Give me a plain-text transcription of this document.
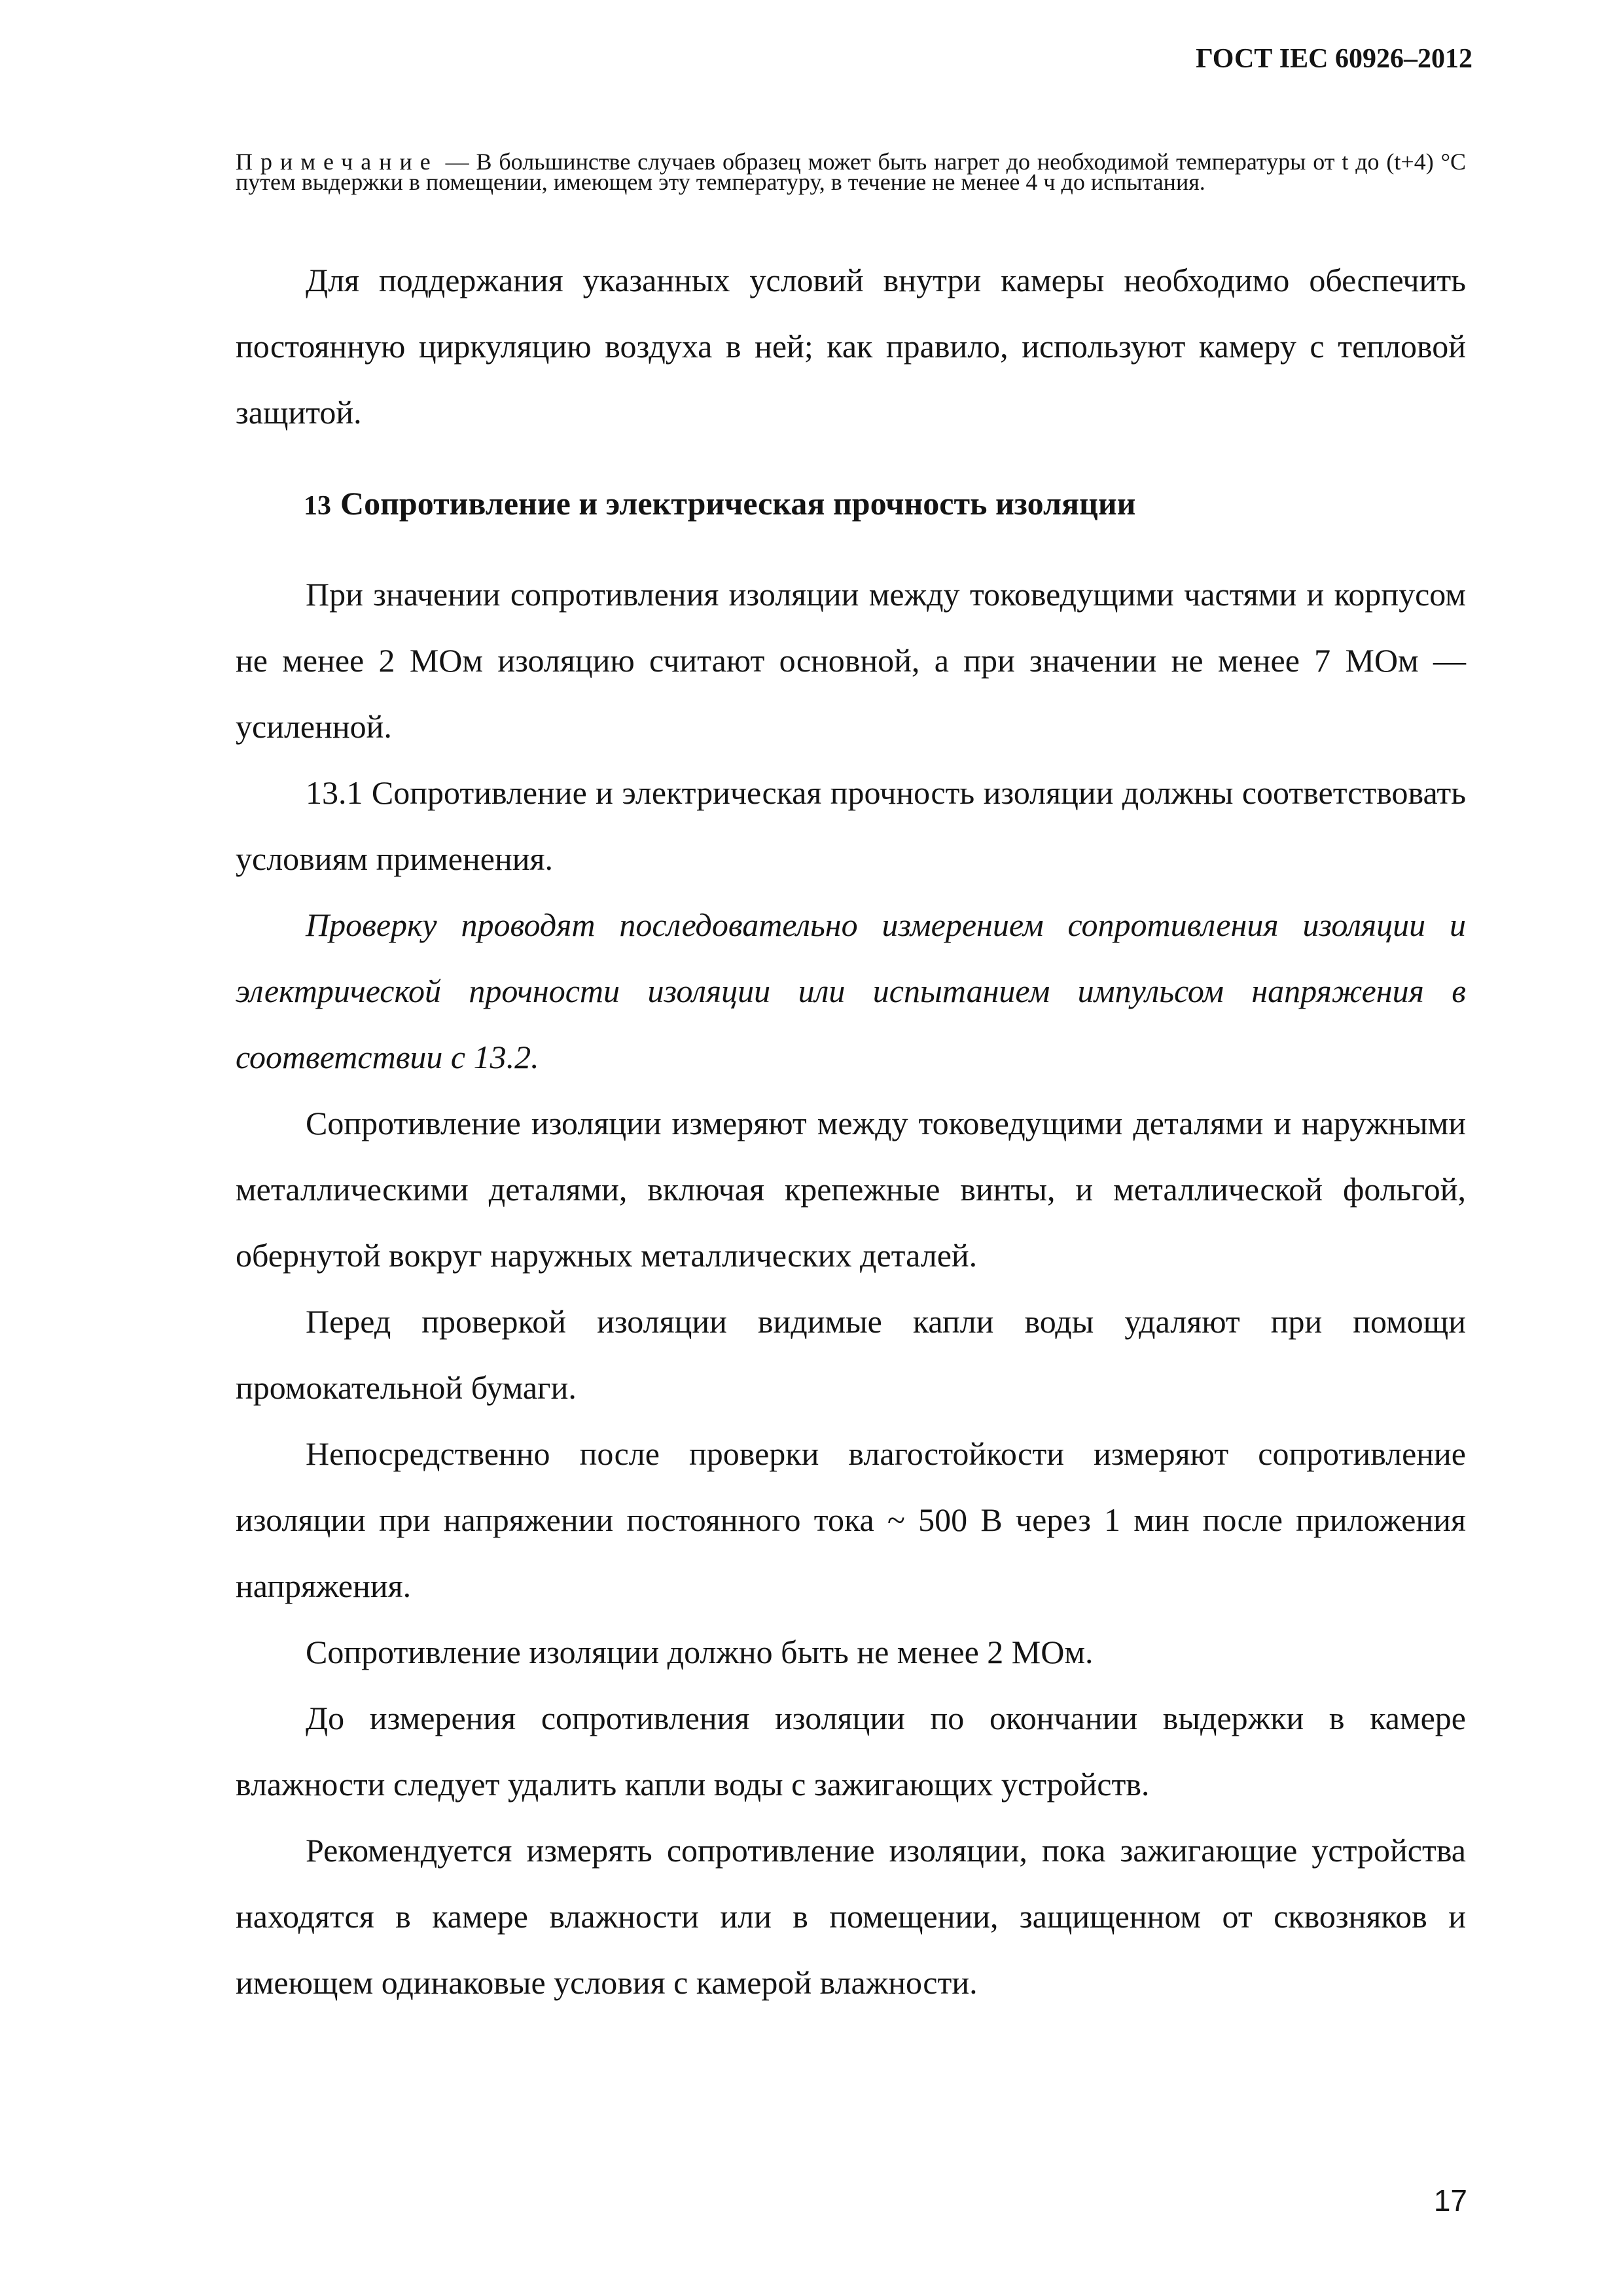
ГОСТ IEC 60926–2012
Примечание — В большинстве случаев образец может быть нагрет до необходимой температуры от t до (t+4) °С путем выдержки в помещении, имеющем эту температуру, в течение не менее 4 ч до испытания.

Для поддержания указанных условий внутри камеры необходимо обеспечить постоянную циркуляцию воздуха в ней; как правило, используют камеру с тепловой защитой.

13 Сопротивление и электрическая прочность изоляции

При значении сопротивления изоляции между токоведущими частями и корпусом не менее 2 МОм изоляцию считают основной, а при значении не менее 7 МОм — усиленной.

13.1 Сопротивление и электрическая прочность изоляции должны соответствовать условиям применения.

Проверку проводят последовательно измерением сопротивления изоляции и электрической прочности изоляции или испытанием импульсом напряжения в соответствии с 13.2.

Сопротивление изоляции измеряют между токоведущими деталями и наружными металлическими деталями, включая крепежные винты, и металлической фольгой, обернутой вокруг наружных металлических деталей.

Перед проверкой изоляции видимые капли воды удаляют при помощи промокательной бумаги.

Непосредственно после проверки влагостойкости измеряют сопротивление изоляции при напряжении постоянного тока ~ 500 В через 1 мин после приложения напряжения.

Сопротивление изоляции должно быть не менее 2 МОм.

До измерения сопротивления изоляции по окончании выдержки в камере влажности следует удалить капли воды с зажигающих устройств.

Рекомендуется измерять сопротивление изоляции, пока зажигающие устройства находятся в камере влажности или в помещении, защищенном от сквозняков и имеющем одинаковые условия с камерой влажности.

17
